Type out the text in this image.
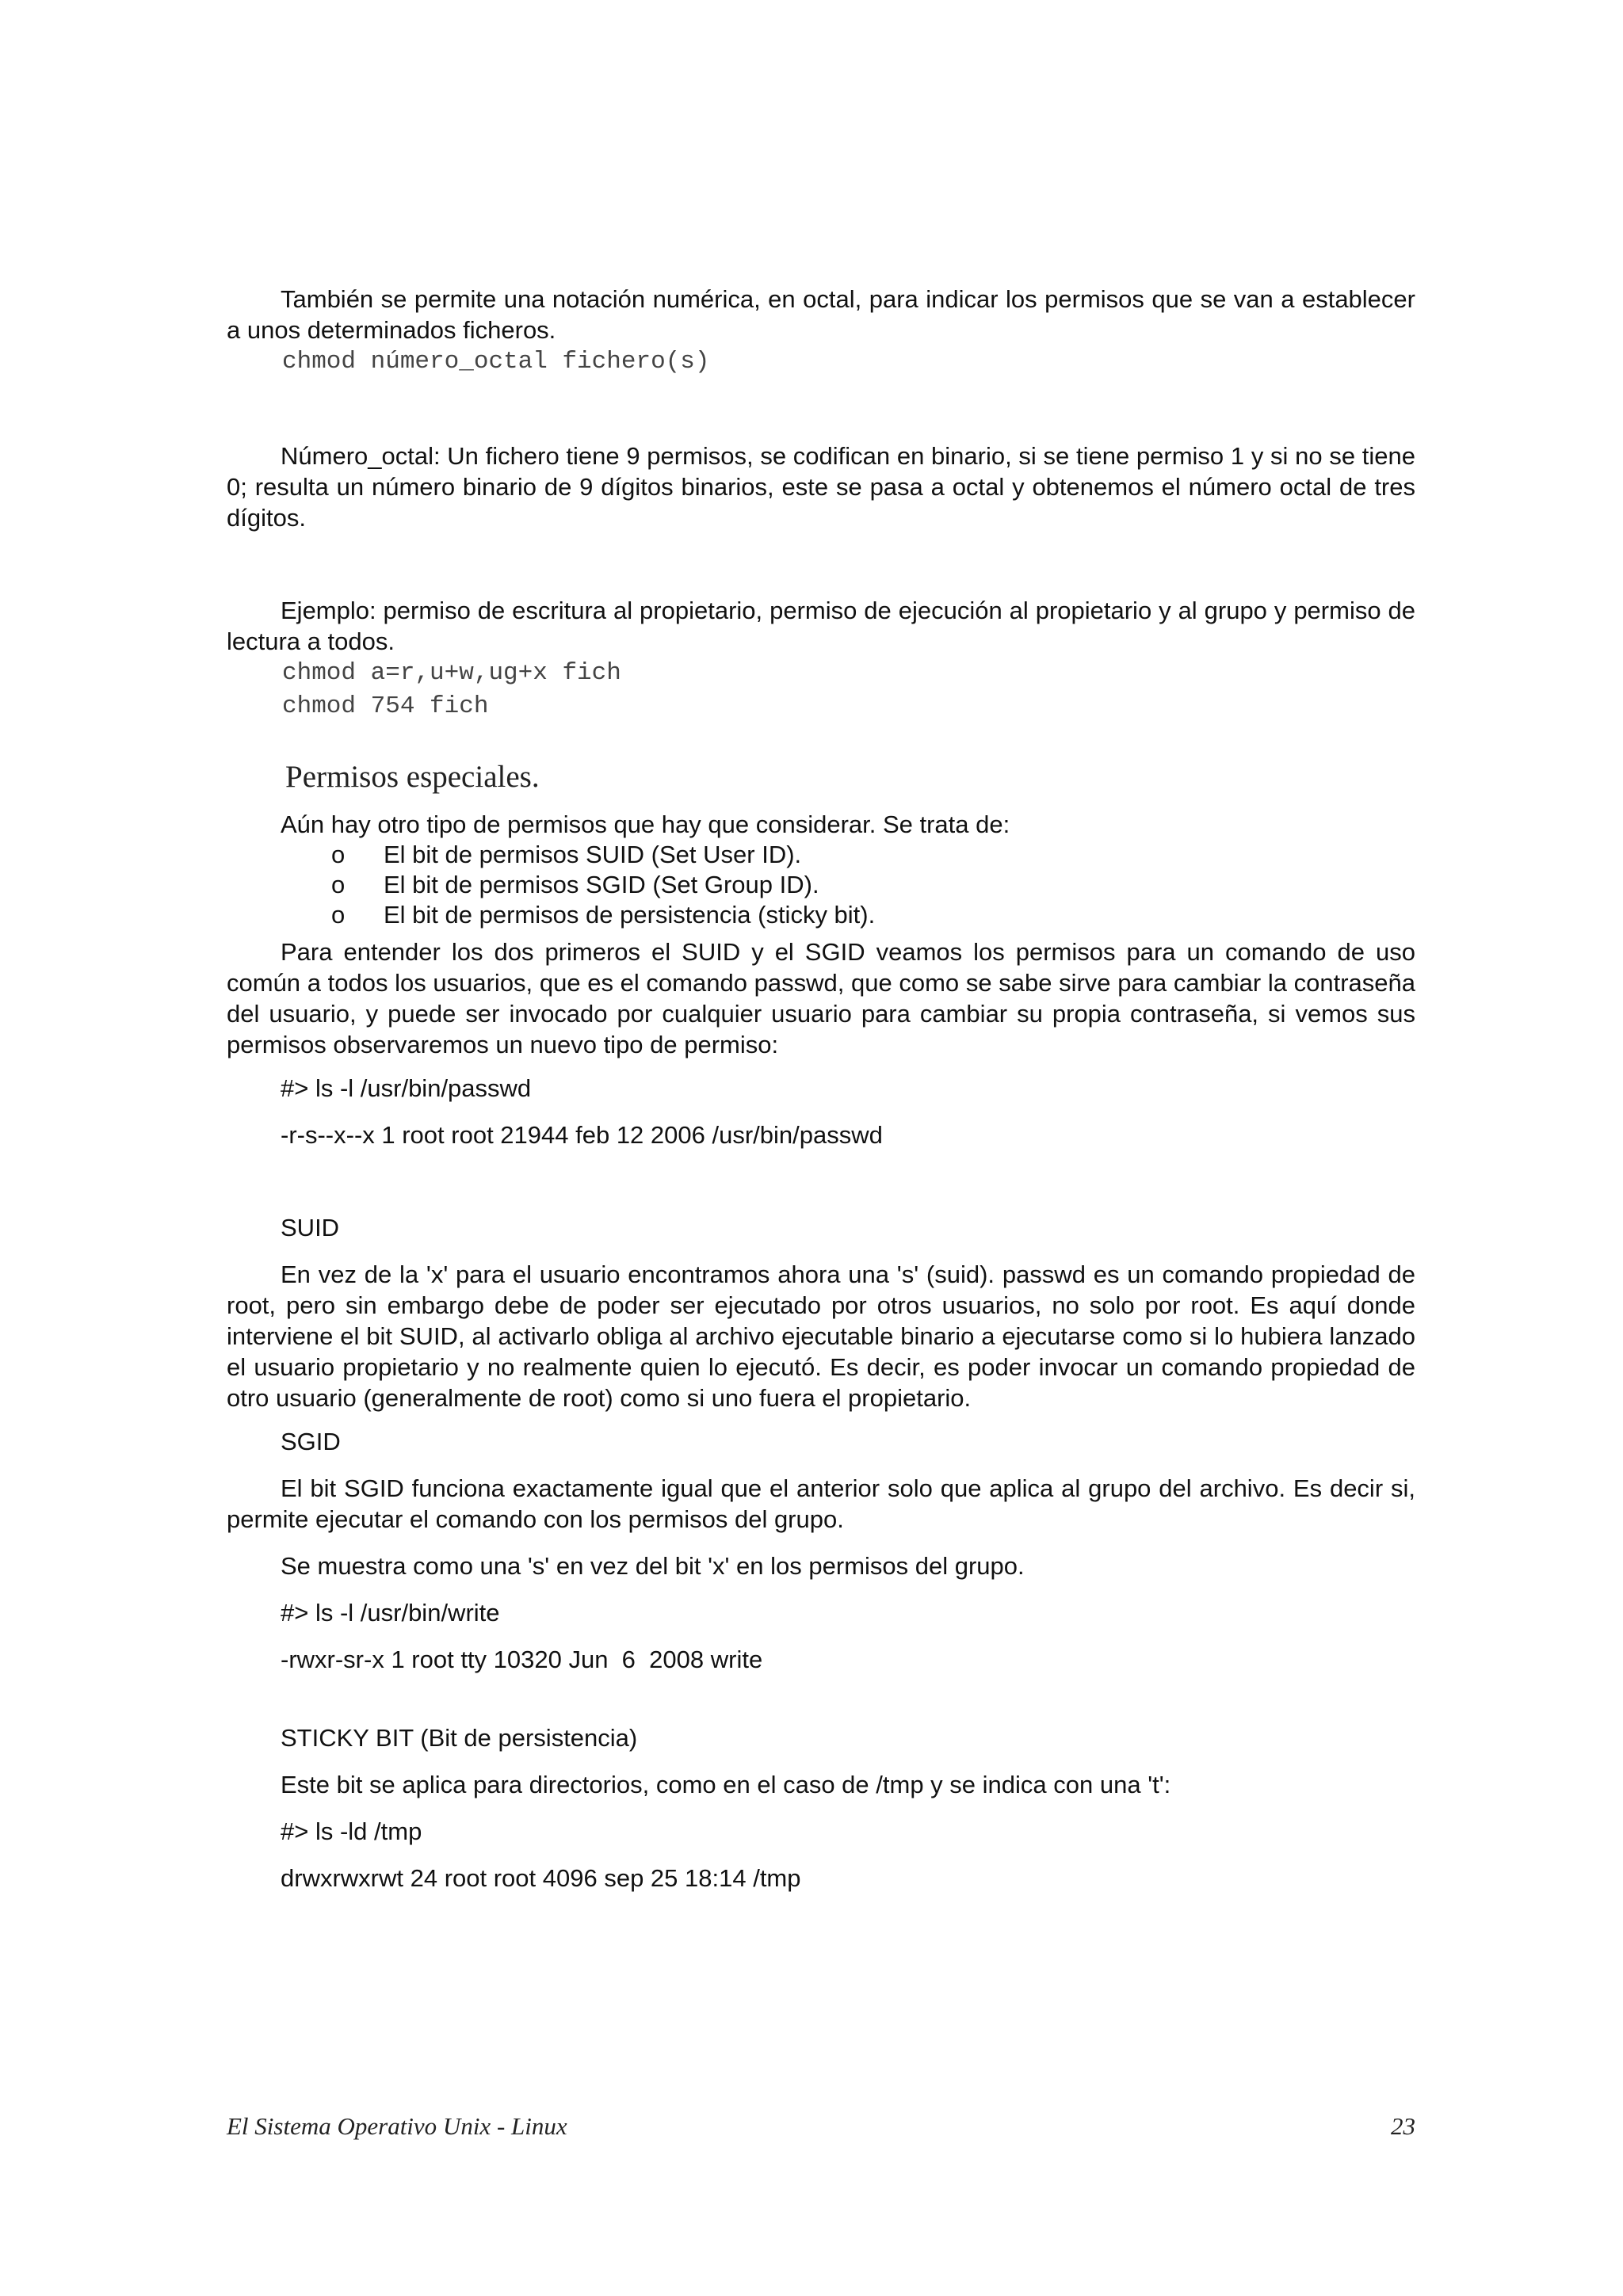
También se permite una notación numérica, en octal, para indicar los permisos que se van a establecer a unos determinados ficheros.

chmod número_octal fichero(s)

Número_octal: Un fichero tiene 9 permisos, se codifican en binario, si se tiene permiso 1 y si no se tiene 0; resulta un número binario de 9 dígitos binarios, este se pasa a octal y obtenemos el número octal de tres dígitos.

Ejemplo: permiso de escritura al propietario, permiso de ejecución al propietario y al grupo y permiso de lectura a todos.

chmod a=r,u+w,ug+x fich
chmod 754 fich
Permisos especiales.

Aún hay otro tipo de permisos que hay que considerar. Se trata de:

o El bit de permisos SUID (Set User ID).
o El bit de permisos SGID (Set Group ID).
o El bit de permisos de persistencia (sticky bit).

Para entender los dos primeros el SUID y el SGID veamos los permisos para un comando de uso común a todos los usuarios, que es el comando passwd, que como se sabe sirve para cambiar la contraseña del usuario, y puede ser invocado por cualquier usuario para cambiar su propia contraseña, si vemos sus permisos observaremos un nuevo tipo de permiso:

#> ls -l /usr/bin/passwd

-r-s--x--x 1 root root 21944 feb 12 2006 /usr/bin/passwd

SUID

En vez de la 'x' para el usuario encontramos ahora una 's' (suid). passwd es un comando propiedad de root, pero sin embargo debe de poder ser ejecutado por otros usuarios, no solo por root. Es aquí donde interviene el bit SUID, al activarlo obliga al archivo ejecutable binario a ejecutarse como si lo hubiera lanzado el usuario propietario y no realmente quien lo ejecutó. Es decir, es poder invocar un comando propiedad de otro usuario (generalmente de root) como si uno fuera el propietario.

SGID

El bit SGID funciona exactamente igual que el anterior solo que aplica al grupo del archivo. Es decir si, permite ejecutar el comando con los permisos del grupo.

Se muestra como una 's' en vez del bit 'x' en los permisos del grupo.

#> ls -l /usr/bin/write

-rwxr-sr-x 1 root tty 10320 Jun  6  2008 write

STICKY BIT (Bit de persistencia)

Este bit se aplica para directorios, como en el caso de /tmp y se indica con una 't':

#> ls -ld /tmp

drwxrwxrwt 24 root root 4096 sep 25 18:14 /tmp

El Sistema Operativo Unix - Linux	23
